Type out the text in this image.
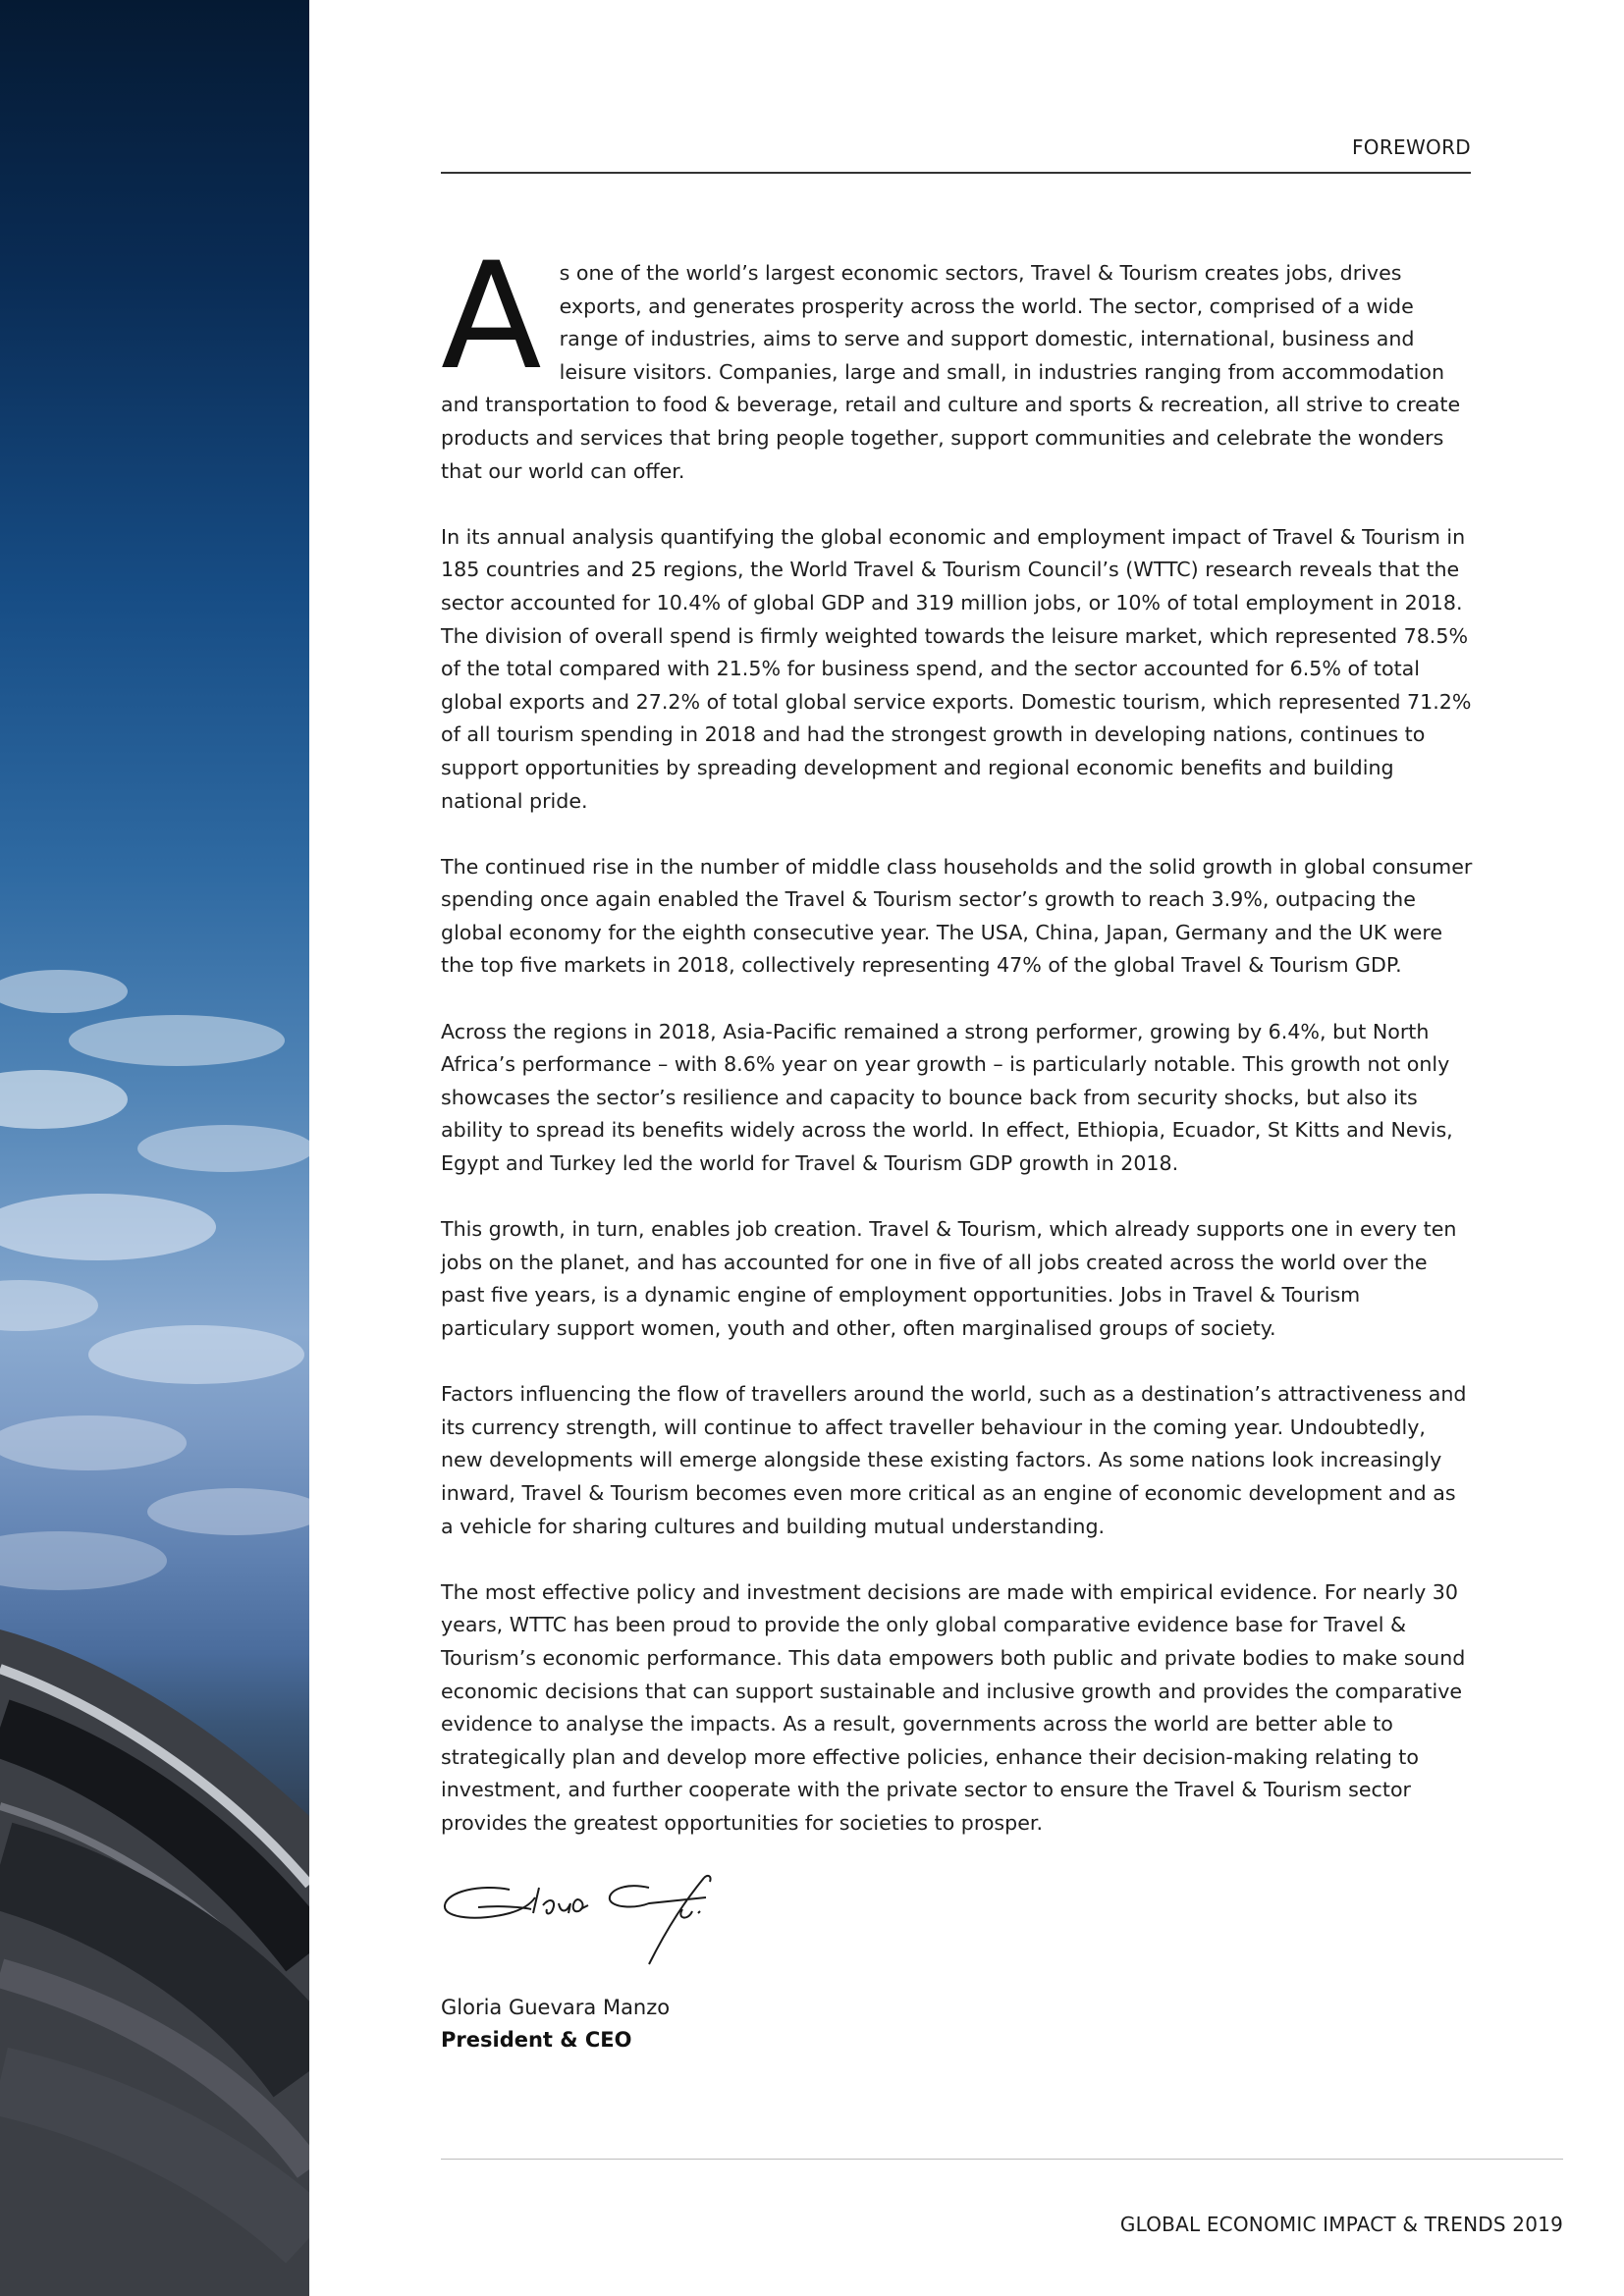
FOREWORD

As one of the world’s largest economic sectors, Travel & Tourism creates jobs, drives exports, and generates prosperity across the world. The sector, comprised of a wide range of industries, aims to serve and support domestic, international, business and leisure visitors. Companies, large and small, in industries ranging from accommodation and transportation to food & beverage, retail and culture and sports & recreation, all strive to create products and services that bring people together, support communities and celebrate the wonders that our world can offer.

In its annual analysis quantifying the global economic and employment impact of Travel & Tourism in 185 countries and 25 regions, the World Travel & Tourism Council’s (WTTC) research reveals that the sector accounted for 10.4% of global GDP and 319 million jobs, or 10% of total employment in 2018. The division of overall spend is firmly weighted towards the leisure market, which represented 78.5% of the total compared with 21.5% for business spend, and the sector accounted for 6.5% of total global exports and 27.2% of total global service exports. Domestic tourism, which represented 71.2% of all tourism spending in 2018 and had the strongest growth in developing nations, continues to support opportunities by spreading development and regional economic benefits and building national pride.

The continued rise in the number of middle class households and the solid growth in global consumer spending once again enabled the Travel & Tourism sector’s growth to reach 3.9%, outpacing the global economy for the eighth consecutive year. The USA, China, Japan, Germany and the UK were the top five markets in 2018, collectively representing 47% of the global Travel & Tourism GDP.

Across the regions in 2018, Asia-Pacific remained a strong performer, growing by 6.4%, but North Africa’s performance – with 8.6% year on year growth – is particularly notable. This growth not only showcases the sector’s resilience and capacity to bounce back from security shocks, but also its ability to spread its benefits widely across the world. In effect, Ethiopia, Ecuador, St Kitts and Nevis, Egypt and Turkey led the world for Travel & Tourism GDP growth in 2018.

This growth, in turn, enables job creation. Travel & Tourism, which already supports one in every ten jobs on the planet, and has accounted for one in five of all jobs created across the world over the past five years, is a dynamic engine of employment opportunities. Jobs in Travel & Tourism particulary support women, youth and other, often marginalised groups of society.

Factors influencing the flow of travellers around the world, such as a destination’s attractiveness and its currency strength, will continue to affect traveller behaviour in the coming year. Undoubtedly, new developments will emerge alongside these existing factors. As some nations look increasingly inward, Travel & Tourism becomes even more critical as an engine of economic development and as a vehicle for sharing cultures and building mutual understanding.

The most effective policy and investment decisions are made with empirical evidence. For nearly 30 years, WTTC has been proud to provide the only global comparative evidence base for Travel & Tourism’s economic performance. This data empowers both public and private bodies to make sound economic decisions that can support sustainable and inclusive growth and provides the comparative evidence to analyse the impacts. As a result, governments across the world are better able to strategically plan and develop more effective policies, enhance their decision-making relating to investment, and further cooperate with the private sector to ensure the Travel & Tourism sector provides the greatest opportunities for societies to prosper.

Gloria Guevara Manzo
President & CEO
GLOBAL ECONOMIC IMPACT & TRENDS 2019
